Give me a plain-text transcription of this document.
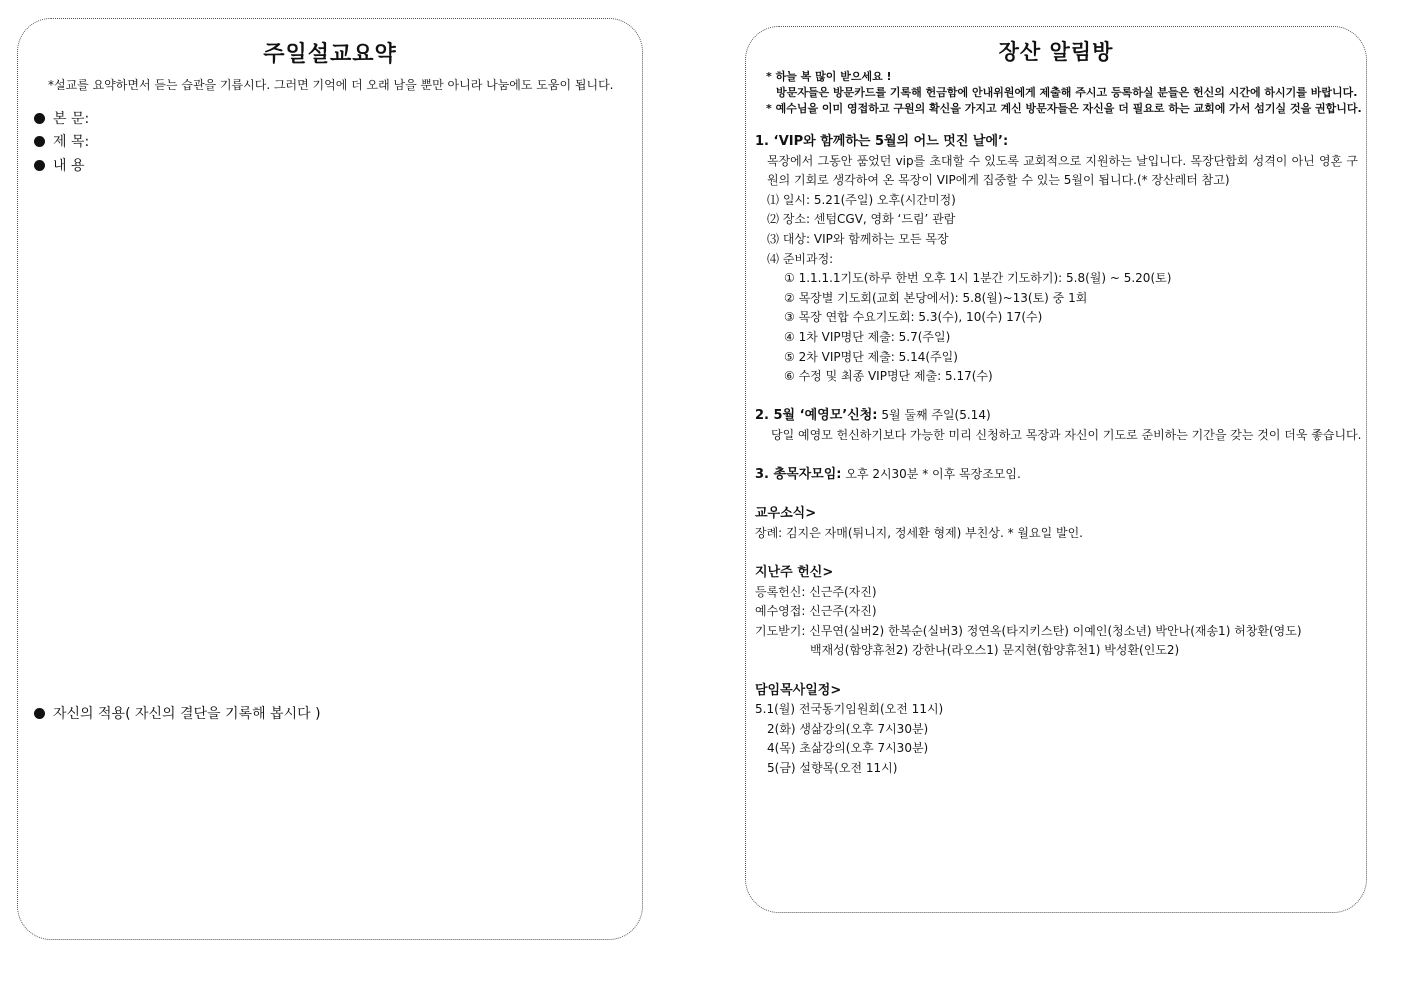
주일설교요약
*설교를 요약하면서 듣는 습관을 기릅시다. 그러면 기억에 더 오래 남을 뿐만 아니라 나눔에도 도움이 됩니다.
본 문:
제 목:
내 용
자신의 적용( 자신의 결단을 기록해 봅시다 )
장산 알림방
* 하늘 복 많이 받으세요 !
방문자들은 방문카드를 기록해 헌금함에 안내위원에게 제출해 주시고 등록하실 분들은 헌신의 시간에 하시기를 바랍니다.
* 예수님을 이미 영접하고 구원의 확신을 가지고 계신 방문자들은 자신을 더 필요로 하는 교회에 가서 섬기실 것을 권합니다.
1. ‘VIP와 함께하는 5월의 어느 멋진 날에’:
목장에서 그동안 품었던 vip를 초대할 수 있도록 교회적으로 지원하는 날입니다. 목장단합회 성격이 아닌 영혼 구원의 기회로 생각하여 온 목장이 VIP에게 집중할 수 있는 5월이 됩니다.(* 장산레터 참고)
⑴ 일시: 5.21(주일) 오후(시간미정)
⑵ 장소: 센텀CGV, 영화 ‘드림’ 관람
⑶ 대상: VIP와 함께하는 모든 목장
⑷ 준비과정:
① 1.1.1.1기도(하루 한번 오후 1시 1분간 기도하기): 5.8(월) ~ 5.20(토)
② 목장별 기도회(교회 본당에서): 5.8(월)~13(토) 중 1회
③ 목장 연합 수요기도회: 5.3(수), 10(수) 17(수)
④ 1차 VIP명단 제출: 5.7(주일)
⑤ 2차 VIP명단 제출: 5.14(주일)
⑥ 수정 및 최종 VIP명단 제출: 5.17(수)
2. 5월 ‘예영모’신청: 5월 둘째 주일(5.14)
당일 예영모 헌신하기보다 가능한 미리 신청하고 목장과 자신이 기도로 준비하는 기간을 갖는 것이 더욱 좋습니다.
3. 총목자모임: 오후 2시30분 * 이후 목장조모임.
교우소식>
장례: 김지은 자매(튀니지, 정세환 형제) 부친상. * 월요일 발인.
지난주 헌신>
등록헌신: 신근주(자진)
예수영접: 신근주(자진)
기도받기: 신무연(실버2) 한복순(실버3) 정연옥(타지키스탄) 이예인(청소년) 박안나(재송1) 허창환(영도)
백재성(함양휴천2) 강한나(라오스1) 문지현(함양휴천1) 박성환(인도2)
담임목사일정>
5.1(월) 전국동기임원회(오전 11시)
2(화) 생삶강의(오후 7시30분)
4(목) 초삶강의(오후 7시30분)
5(금) 설향목(오전 11시)
